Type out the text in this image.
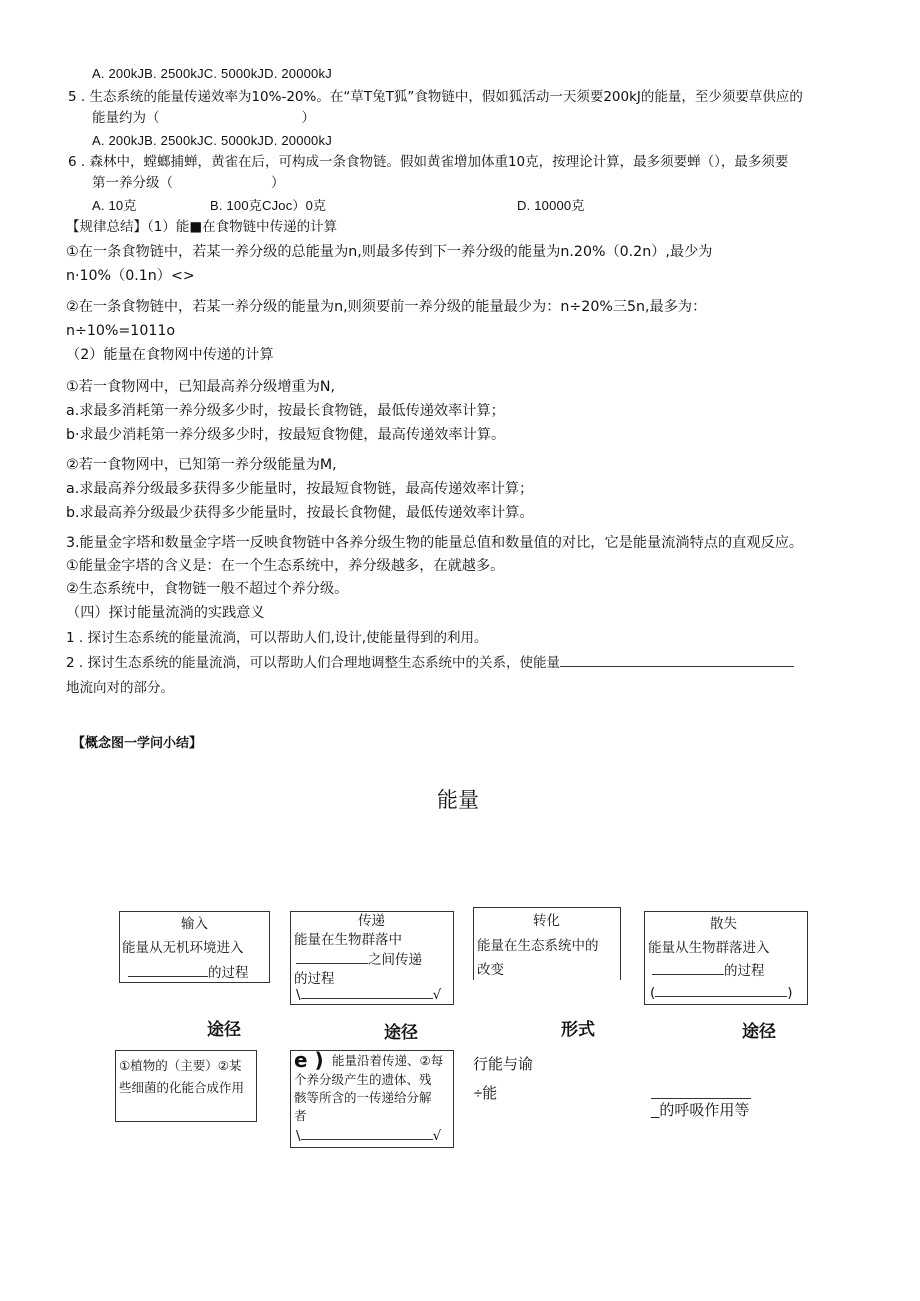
A. 200kJB. 2500kJC. 5000kJD. 20000kJ
5 . 生态系统的能量传递效率为10%-20%。在“草T兔T狐”食物链中，假如狐活动一天须要200kJ的能量，至少须要草供应的
能量约为（	）
A. 200kJB. 2500kJC. 5000kJD. 20000kJ
6 . 森林中，螳螂捕蝉，黄雀在后，可构成一条食物链。假如黄雀增加体重10克，按理论计算，最多须要蝉（），最多须要
第一养分级（	）
A. 10克	B. 100克CJoc）0克	D. 10000克
【规律总结】（1）能■在食物链中传递的计算
①在一条食物链中，若某一养分级的总能量为n,则最多传到下一养分级的能量为n.20%（0.2n）,最少为
n·10%（0.1n）<>
②在一条食物链中，若某一养分级的能量为n,则须要前一养分级的能量最少为：n÷20%三5n,最多为：
n÷10%=1011o
（2）能量在食物网中传递的计算
①若一食物网中，已知最高养分级增重为N,
a.求最多消耗第一养分级多少时，按最长食物链，最低传递效率计算；
b·求最少消耗第一养分级多少时，按最短食物健，最高传递效率计算。
②若一食物网中，已知第一养分级能量为M,
a.求最高养分级最多获得多少能量时，按最短食物链，最高传递效率计算；
b.求最高养分级最少获得多少能量时，按最长食物健，最低传递效率计算。
3.能量金字塔和数量金字塔一反映食物链中各养分级生物的能量总值和数量值的对比，它是能量流淌特点的直观反应。
①能量金字塔的含义是：在一个生态系统中，养分级越多，在就越多。
②生态系统中，食物链一般不超过个养分级。
（四）探讨能量流淌的实践意义
1 . 探讨生态系统的能量流淌，可以帮助人们,设计,使能量得到的利用。
2 . 探讨生态系统的能量流淌，可以帮助人们合理地调整生态系统中的关系，使能量
地流向对的部分。
【概念图一学问小结】
能量
输入
能量从无机环境进入
的过程
传递
能量在生物群落中
之间传递
的过程
\	√
转化
能量在生态系统中的
改变
散失
能量从生物群落进入
的过程
(	)
途径	途径	形式	途径
①植物的（主要）②某
些细菌的化能合成作用
e ) 能量沿着传递、②每
个养分级产生的遗体、残
骸等所含的一传递给分解
者
\	√
行能与谕
÷能
_的呼吸作用等
